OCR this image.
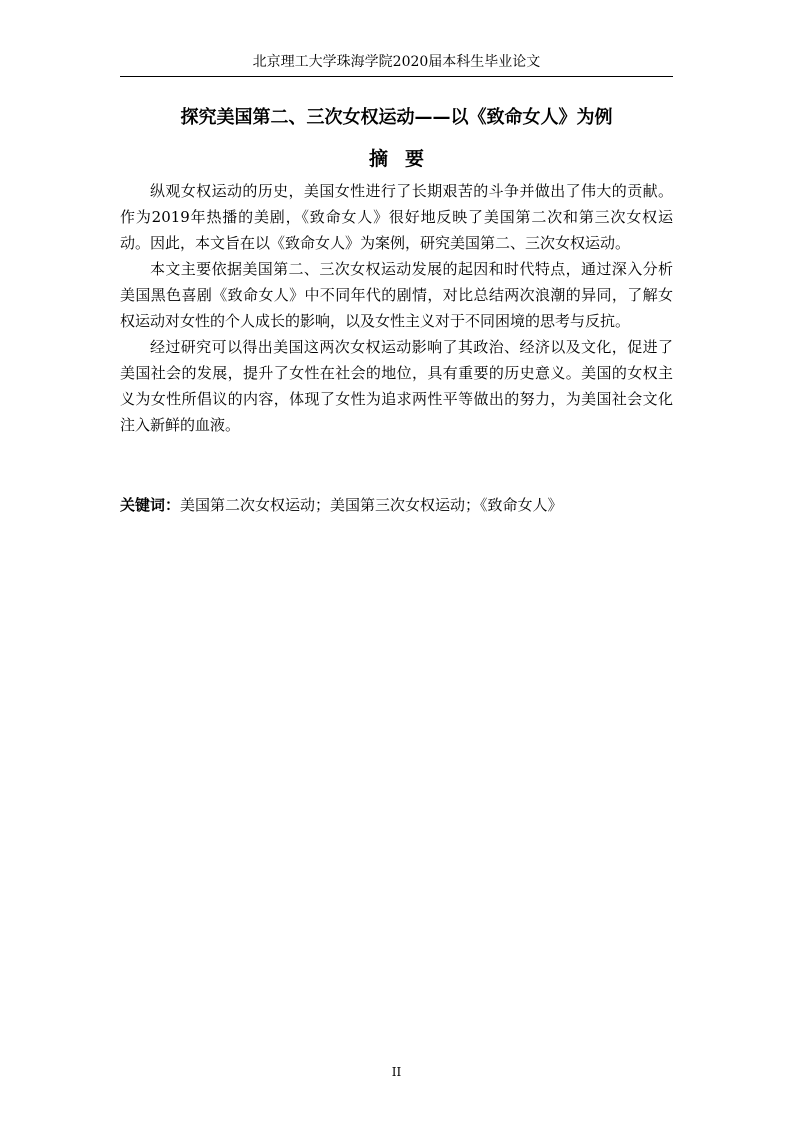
北京理工大学珠海学院2020届本科生毕业论文
探究美国第二、三次女权运动——以《致命女人》为例
摘要

纵观女权运动的历史，美国女性进行了长期艰苦的斗争并做出了伟大的贡献。作为2019年热播的美剧，《致命女人》很好地反映了美国第二次和第三次女权运动。因此，本文旨在以《致命女人》为案例，研究美国第二、三次女权运动。

本文主要依据美国第二、三次女权运动发展的起因和时代特点，通过深入分析美国黑色喜剧《致命女人》中不同年代的剧情，对比总结两次浪潮的异同，了解女权运动对女性的个人成长的影响，以及女性主义对于不同困境的思考与反抗。

经过研究可以得出美国这两次女权运动影响了其政治、经济以及文化，促进了美国社会的发展，提升了女性在社会的地位，具有重要的历史意义。美国的女权主义为女性所倡议的内容，体现了女性为追求两性平等做出的努力，为美国社会文化注入新鲜的血液。

关键词：美国第二次女权运动；美国第三次女权运动；《致命女人》
II
